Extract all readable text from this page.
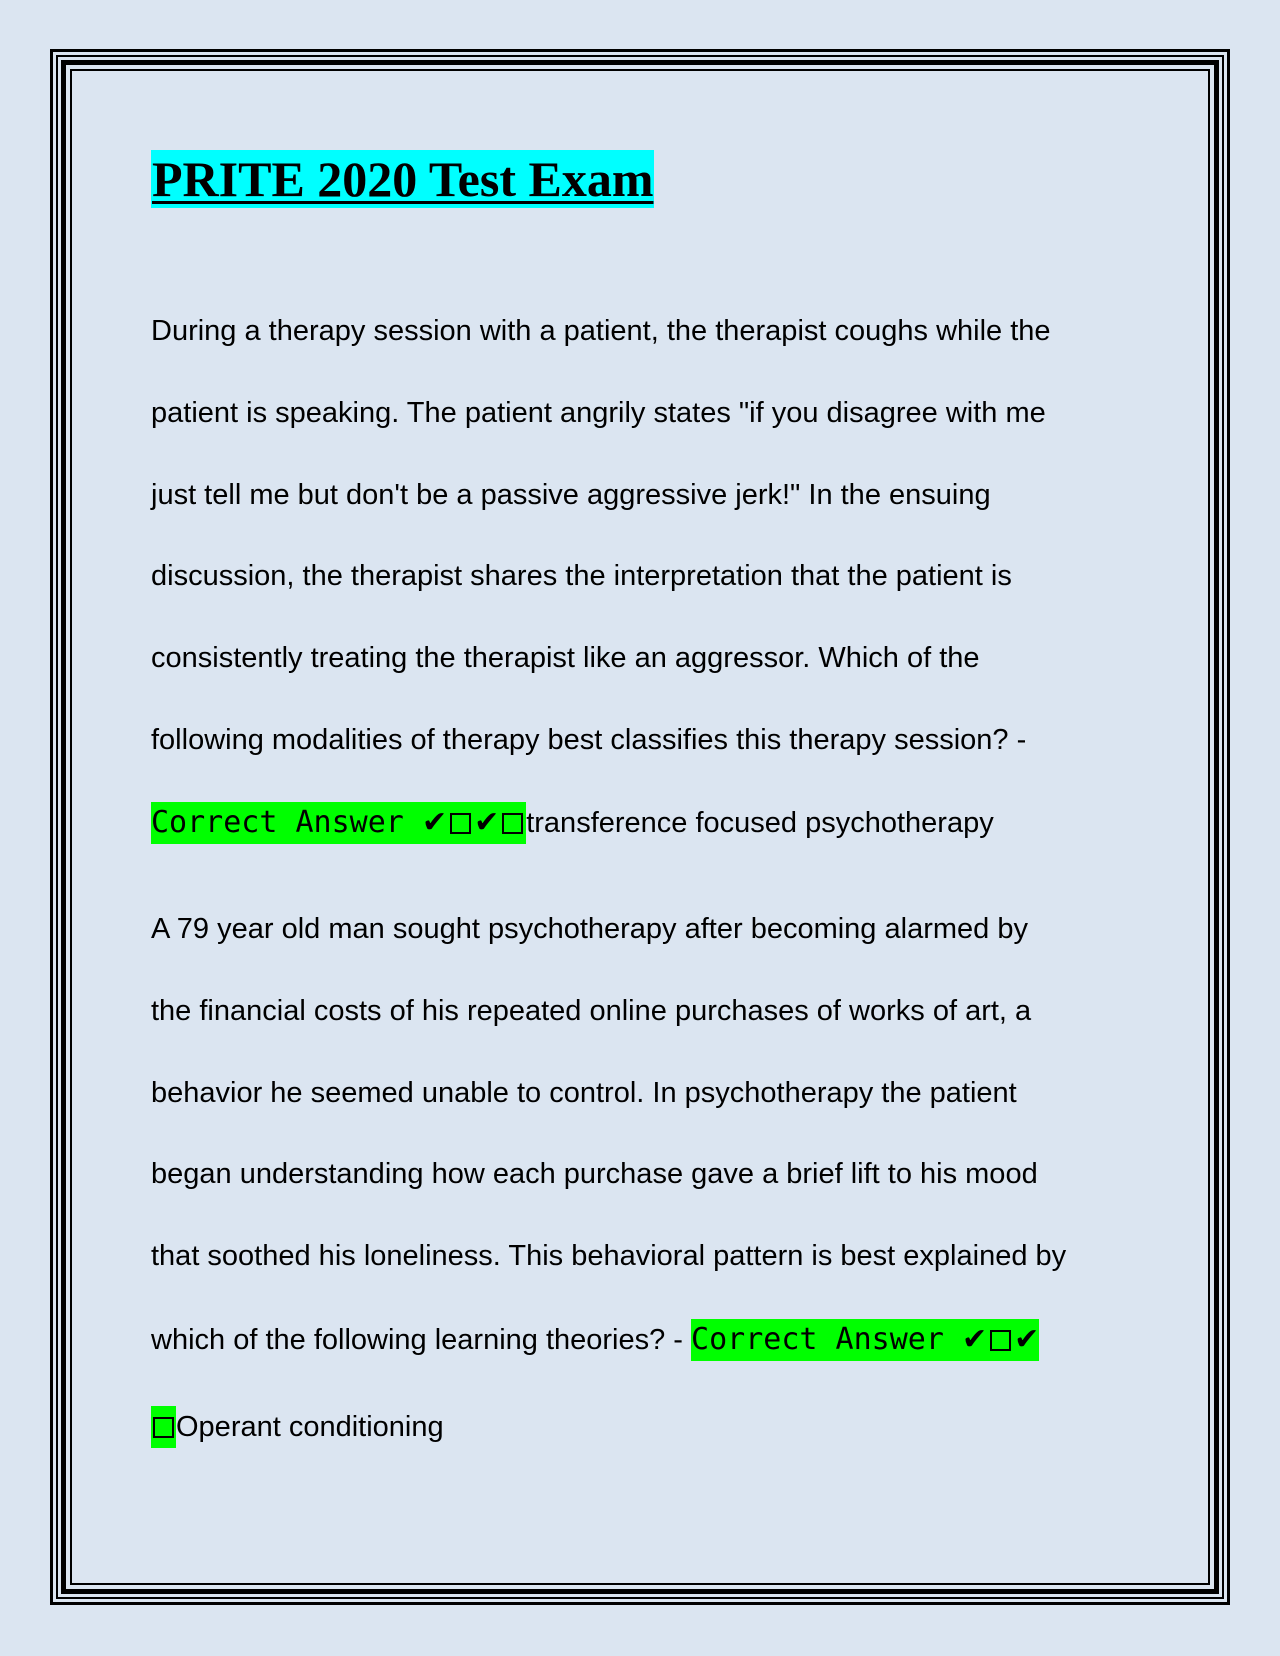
PRITE 2020 Test Exam

During a therapy session with a patient, the therapist coughs while the

patient is speaking. The patient angrily states "if you disagree with me

just tell me but don't be a passive aggressive jerk!" In the ensuing

discussion, the therapist shares the interpretation that the patient is

consistently treating the therapist like an aggressor. Which of the

following modalities of therapy best classifies this therapy session? -

Correct Answer ✔ ✔ transference focused psychotherapy

A 79 year old man sought psychotherapy after becoming alarmed by

the financial costs of his repeated online purchases of works of art, a

behavior he seemed unable to control. In psychotherapy the patient

began understanding how each purchase gave a brief lift to his mood

that soothed his loneliness. This behavioral pattern is best explained by

which of the following learning theories? - Correct Answer ✔ ✔

Operant conditioning
